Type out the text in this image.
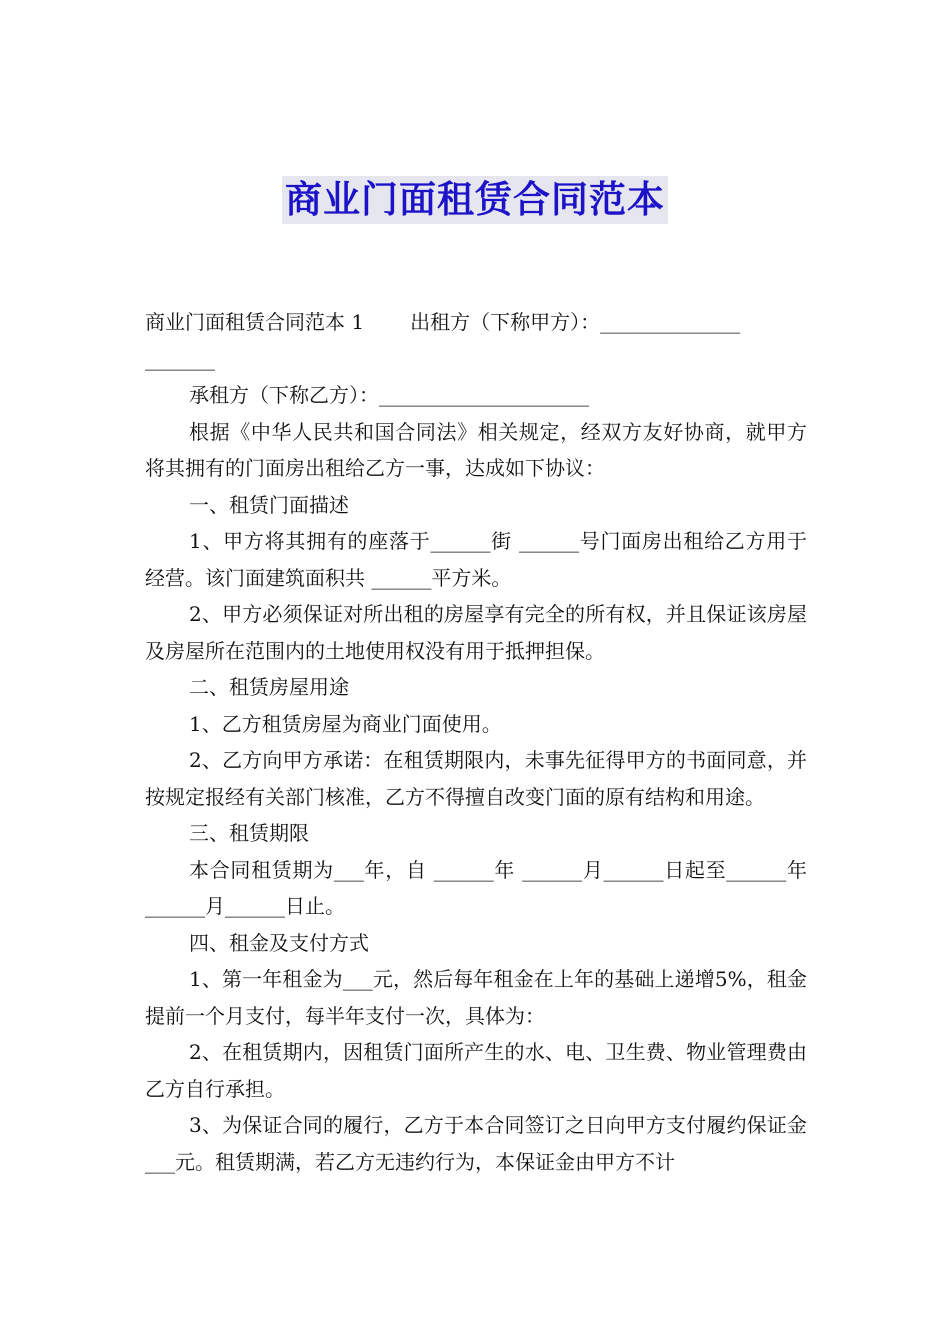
商业门面租赁合同范本

商业门面租赁合同范本 1 出租方（下称甲方）：______________

_______

承租方（下称乙方）：_____________________

根据《中华人民共和国合同法》相关规定，经双方友好协商，就甲方将其拥有的门面房出租给乙方一事，达成如下协议：

一、租赁门面描述

1、甲方将其拥有的座落于______街 ______号门面房出租给乙方用于经营。该门面建筑面积共 ______平方米。

2、甲方必须保证对所出租的房屋享有完全的所有权，并且保证该房屋及房屋所在范围内的土地使用权没有用于抵押担保。

二、租赁房屋用途

1、乙方租赁房屋为商业门面使用。

2、乙方向甲方承诺：在租赁期限内，未事先征得甲方的书面同意，并按规定报经有关部门核准，乙方不得擅自改变门面的原有结构和用途。

三、租赁期限

本合同租赁期为___年，自 ______年 ______月______日起至______年 ______月______日止。

四、租金及支付方式

1、第一年租金为___元，然后每年租金在上年的基础上递增5%，租金提前一个月支付，每半年支付一次，具体为：

2、在租赁期内，因租赁门面所产生的水、电、卫生费、物业管理费由乙方自行承担。

3、为保证合同的履行，乙方于本合同签订之日向甲方支付履约保证金___元。租赁期满，若乙方无违约行为，本保证金由甲方不计
